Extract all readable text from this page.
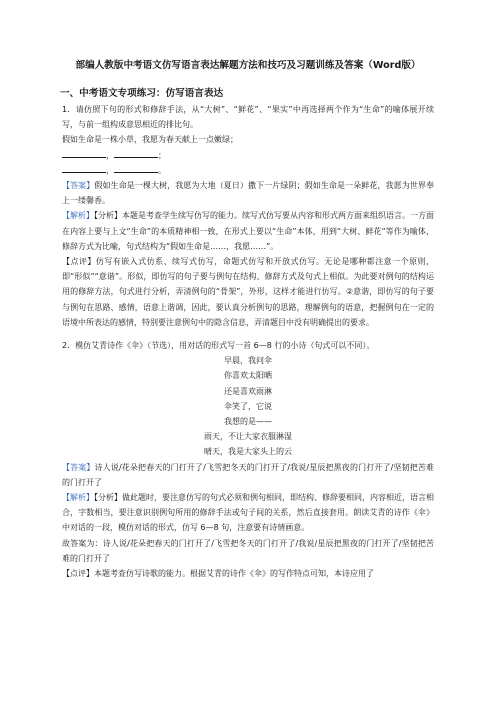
部编人教版中考语文仿写语言表达解题方法和技巧及习题训练及答案（Word版）
一、中考语文专项练习：仿写语言表达

1．请仿照下句的形式和修辞手法，从“大树”、“鲜花”、“果实”中再选择两个作为“生命”的喻体展开续写，与前一组构成意思相近的排比句。

假如生命是一株小草，我愿为春天献上一点嫩绿；

，	；

，	。

【答案】假如生命是一棵大树，我愿为大地（夏日）撒下一片绿阴；假如生命是一朵鲜花，我愿为世界奉上一缕馨香。

【解析】【分析】本题是考查学生续写仿写的能力。续写式仿写要从内容和形式两方面来组织语言。一方面在内容上要与上文“生命”的本质精神相一致，在形式上要以“生命”本体，用到“大树、鲜花”等作为喻体，修辞方式为比喻，句式结构为“假如生命是……，我愿……”。

【点评】仿写有嵌入式仿系、续写式仿写，命题式仿写和开放式仿写。无论是哪种都注意一个原则，即“形似”“意谐”。形似，即仿写的句子要与例句在结构、修辞方式及句式上相似。为此要对例句的结构运用的修辞方法，句式进行分析，弄清例句的“骨架”，外形，这样才能进行仿写。②意谐，即仿写的句子要与例句在思路、感情，语意上谐调，因此，要认真分析例句的思路，理解例句的语意，把握例句在一定的语境中所表达的感情，特别要注意例句中的隐含信息，弄清题目中没有明确提出的要求。

2．模仿艾青诗作《伞》（节选），用对话的形式写一首 6—8 行的小诗（句式可以不同）。

早晨，我问伞
你喜欢太阳晒
还是喜欢雨淋
伞笑了，它说
我想的是——
雨天，不让大家衣服淋湿
晴天，我是大家头上的云

【答案】诗人说/花朵把春天的门打开了/飞雪把冬天的门打开了/我说/星辰把黑夜的门打开了/坚韧把苦难的门打开了

【解析】【分析】做此题时，要注意仿写的句式必须和例句相同，即结构、修辞要相同，内容相近，语言相合，字数相当，要注意识别例句所用的修辞手法或句子间的关系，然后直接套用。朗读艾青的诗作《伞》中对话的一段，模仿对话的形式，仿写 6—8 句，注意要有诗情画意。

故答案为：诗人说/花朵把春天的门打开了/飞雪把冬天的门打开了/我说/星辰把黑夜的门打开了/坚韧把苦难的门打开了

【点评】本题考查仿写诗歌的能力。根据艾青的诗作《伞》的写作特点可知，本诗应用了
